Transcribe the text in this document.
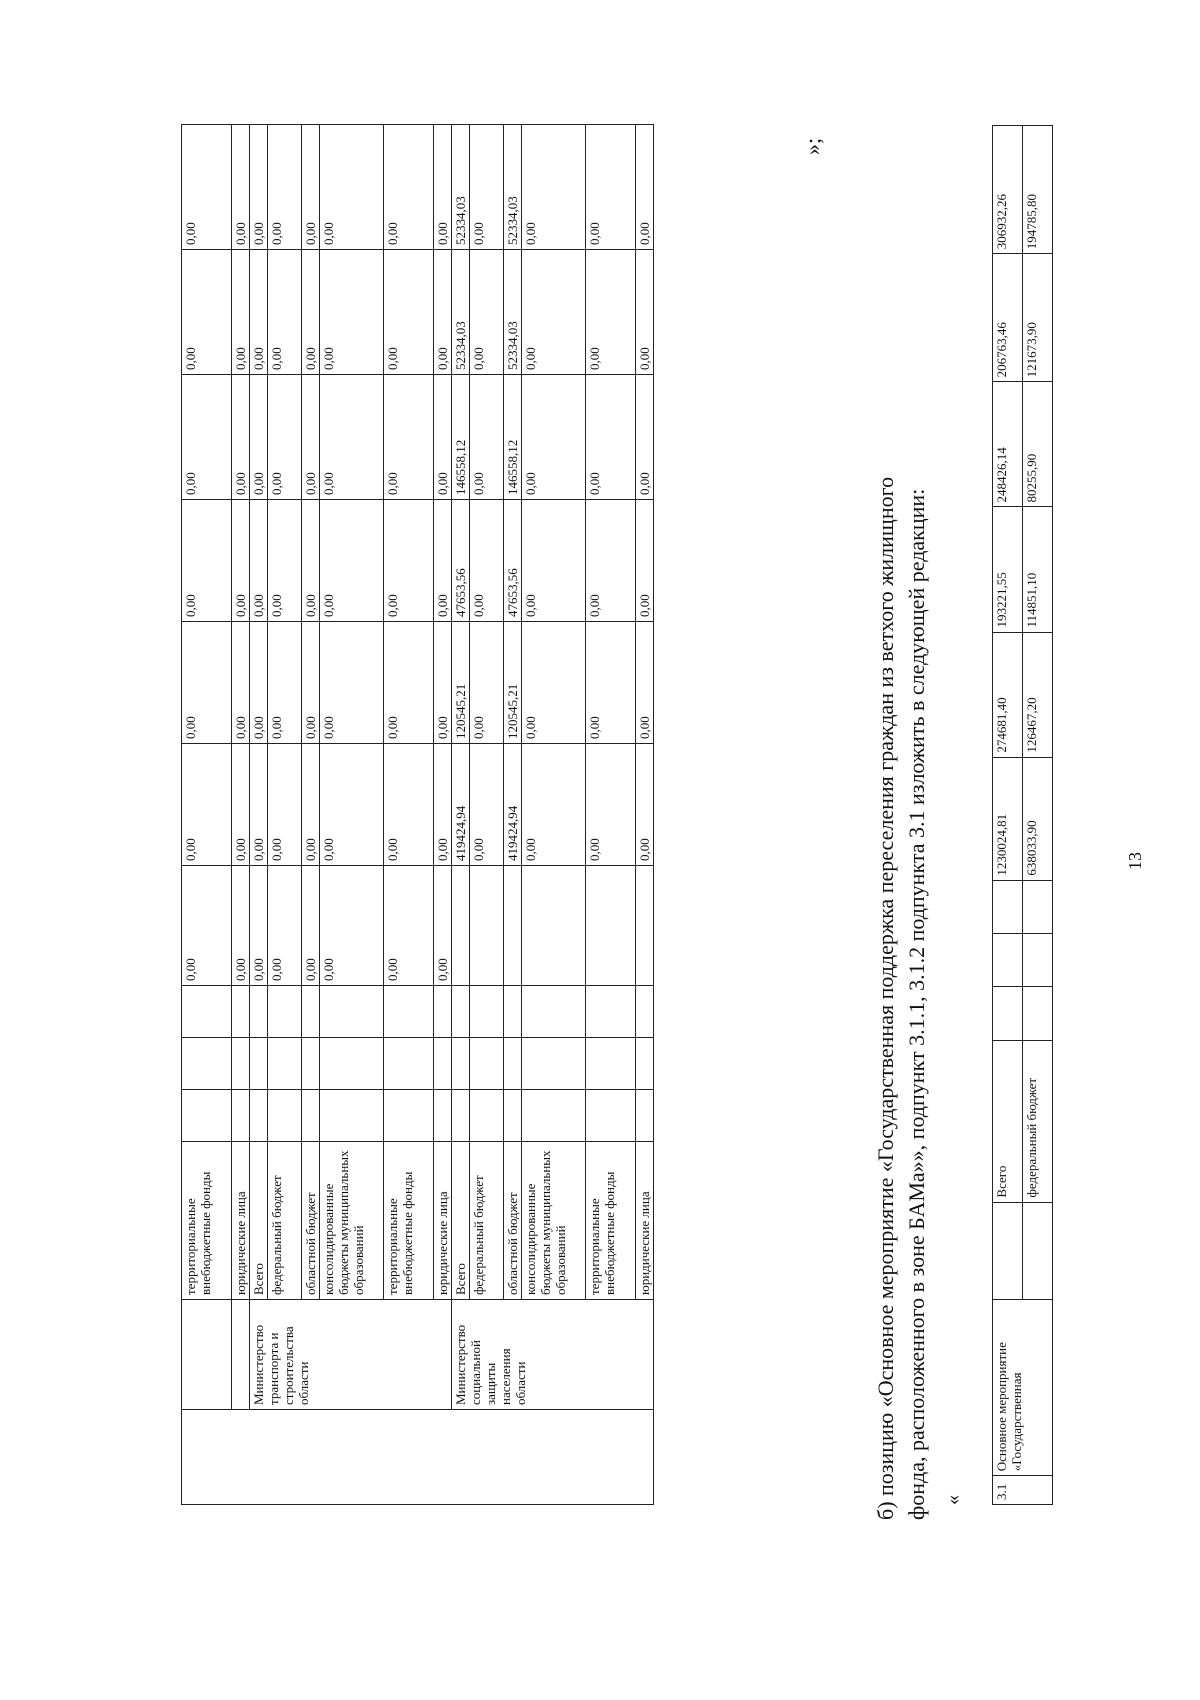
13
		территориальные внебюджетные фонды				0,00	0,00	0,00	0,00	0,00	0,00	0,00
		юридические лица				0,00	0,00	0,00	0,00	0,00	0,00	0,00
	Министерство транспорта и строительства области	Всего				0,00	0,00	0,00	0,00	0,00	0,00	0,00
		федеральный бюджет				0,00	0,00	0,00	0,00	0,00	0,00	0,00
		областной бюджет				0,00	0,00	0,00	0,00	0,00	0,00	0,00
		консолидированные бюджеты муниципальных образований				0,00	0,00	0,00	0,00	0,00	0,00	0,00
		территориальные внебюджетные фонды				0,00	0,00	0,00	0,00	0,00	0,00	0,00
		юридические лица				0,00	0,00	0,00	0,00	0,00	0,00	0,00
	Министерство социальной защиты населения области	Всего					419424,94	120545,21	47653,56	146558,12	52334,03	52334,03
		федеральный бюджет					0,00	0,00	0,00	0,00	0,00	0,00
		областной бюджет					419424,94	120545,21	47653,56	146558,12	52334,03	52334,03
		консолидированные бюджеты муниципальных образований					0,00	0,00	0,00	0,00	0,00	0,00
		территориальные внебюджетные фонды					0,00	0,00	0,00	0,00	0,00	0,00
		юридические лица					0,00	0,00	0,00	0,00	0,00	0,00
»;
б) позицию «Основное мероприятие «Государственная поддержка переселения граждан из ветхого жилищного фонда, расположенного в зоне БАМа»», подпункт 3.1.1, 3.1.2 подпункта 3.1 изложить в следующей редакции: « 3.1	Основное мероприятие «Государственная		Всего				1230024,81	274681,40	193221,55	248426,14	206763,46	306932,26
			федеральный бюджет				638033,90	126467,20	114851,10	80255,90	121673,90	194785,80
